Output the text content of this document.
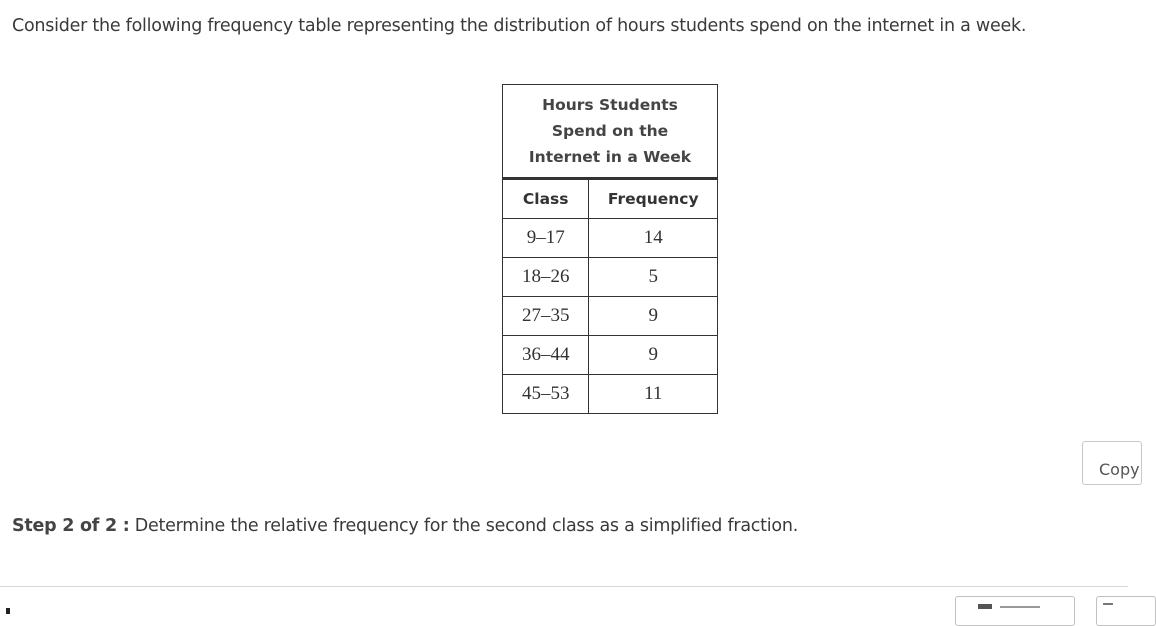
Consider the following frequency table representing the distribution of hours students spend on the internet in a week.
Hours Students
Spend on the
Internet in a Week	

Class	Frequency
9–17	14
18–26	5
27–35	9
36–44	9
45–53	11
Copy
Step 2 of 2 : Determine the relative frequency for the second class as a simplified fraction.
